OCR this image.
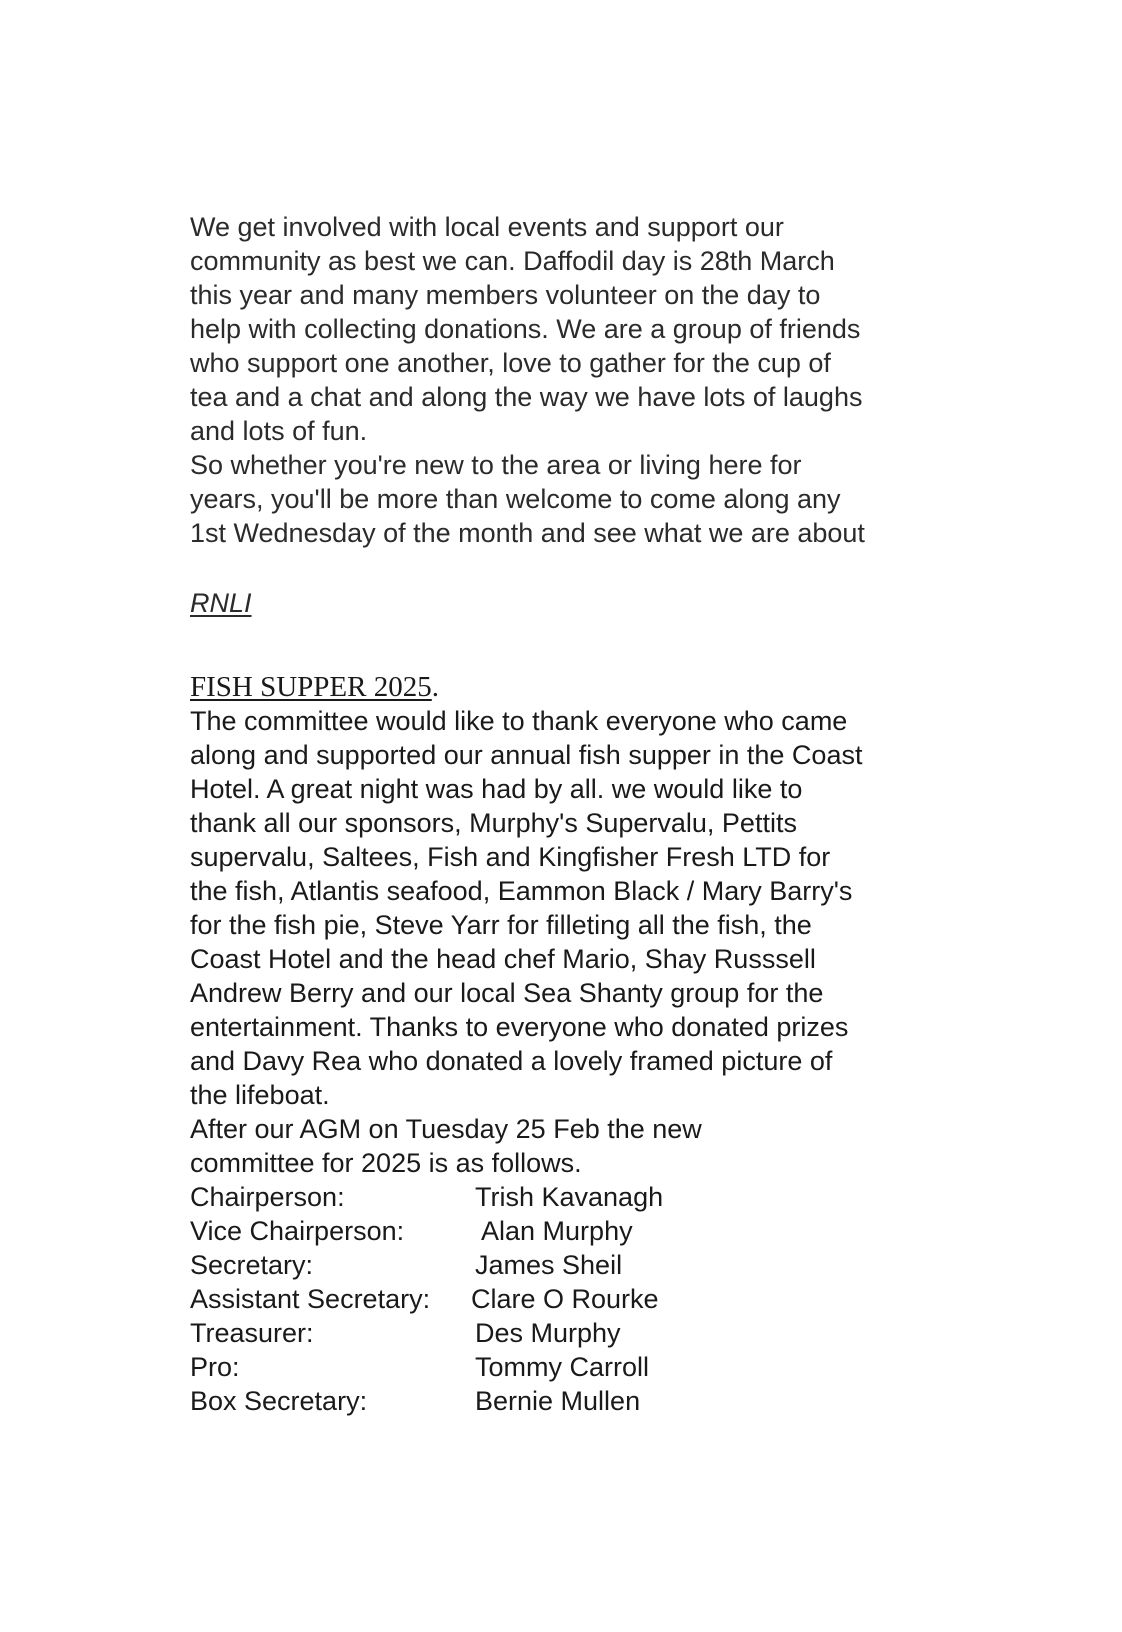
We get involved with local events and support our
community as best we can. Daffodil day is 28th March
this year and many members volunteer on the day to
help with collecting donations. We are a group of friends
who support one another, love to gather for the cup of
tea and a chat and along the way we have lots of laughs
and lots of fun.
So whether you're new to the area or living here for
years, you'll be more than welcome to come along any
1st Wednesday of the month and see what we are about
RNLI
FISH SUPPER 2025.
The committee would like to thank everyone who came
along and supported our annual fish supper in the Coast
Hotel. A great night was had by all. we would like to
thank all our sponsors, Murphy's Supervalu, Pettits
supervalu, Saltees, Fish and Kingfisher Fresh LTD for
the fish, Atlantis seafood, Eammon Black / Mary Barry's
for the fish pie, Steve Yarr for filleting all the fish, the
Coast Hotel and the head chef Mario, Shay Russsell
Andrew Berry and our local Sea Shanty group for the
entertainment. Thanks to everyone who donated prizes
and Davy Rea who donated a lovely framed picture of
the lifeboat.
After our AGM on Tuesday 25 Feb the new
committee for 2025 is as follows.
Chairperson:	Trish Kavanagh
Vice Chairperson:	Alan Murphy
Secretary:	James Sheil
Assistant Secretary:	Clare O Rourke
Treasurer:	Des Murphy
Pro:	Tommy Carroll
Box Secretary:	Bernie Mullen
